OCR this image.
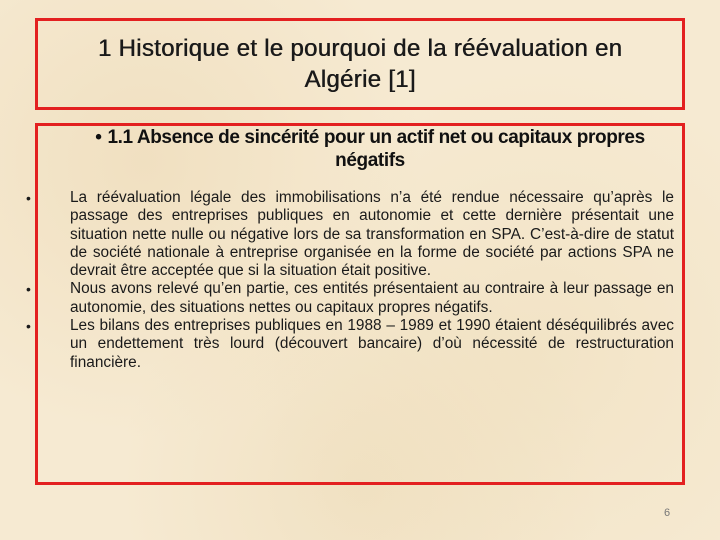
1 Historique et le pourquoi de la réévaluation en Algérie [1]
• 1.1 Absence de sincérité pour un actif net ou capitaux propres négatifs
•	La réévaluation légale des immobilisations n’a été rendue nécessaire qu’après le passage des entreprises publiques en autonomie et cette dernière présentait une situation nette nulle ou négative lors de sa transformation en SPA. C’est-à-dire de statut de société nationale à entreprise organisée en la forme de société par actions SPA ne devrait être acceptée que si la situation était positive.
•	Nous avons relevé qu’en partie, ces entités présentaient au contraire à leur passage en autonomie, des situations nettes ou capitaux propres négatifs.
•	Les bilans des entreprises publiques en 1988 – 1989 et 1990 étaient déséquilibrés avec un endettement très lourd (découvert bancaire) d’où nécessité de restructuration financière.
6
